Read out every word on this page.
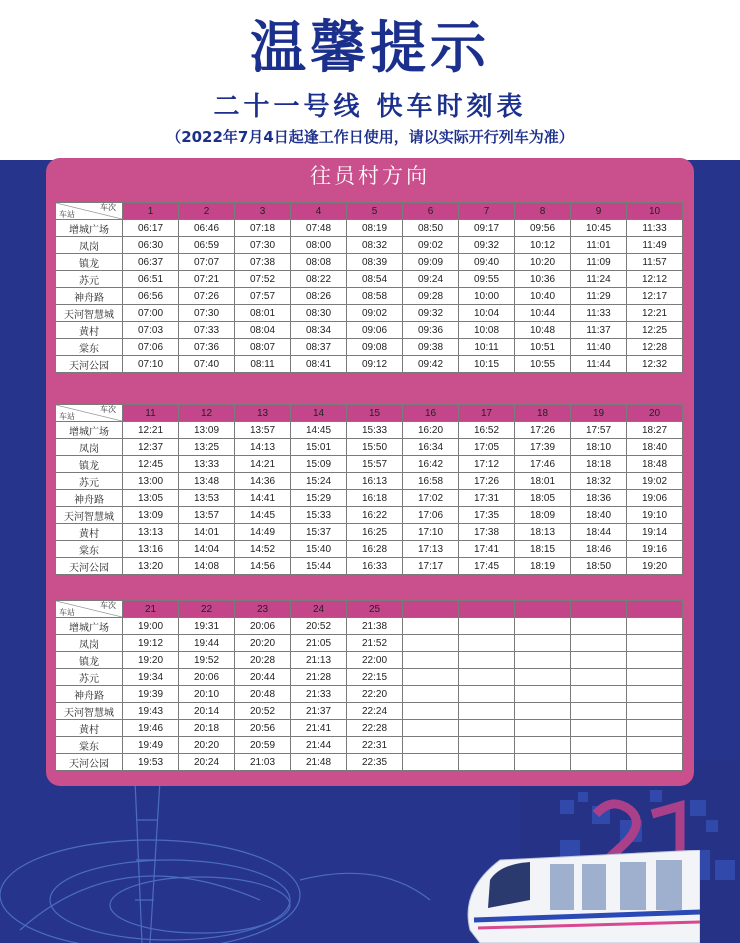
温馨提示
二十一号线 快车时刻表
（2022年7月4日起逢工作日使用，请以实际开行列车为准）
往员村方向
车次
车站	1	2	3	4	5	6	7	8	9	10
增城广场	06:17	06:46	07:18	07:48	08:19	08:50	09:17	09:56	10:45	11:33
凤岗	06:30	06:59	07:30	08:00	08:32	09:02	09:32	10:12	11:01	11:49
镇龙	06:37	07:07	07:38	08:08	08:39	09:09	09:40	10:20	11:09	11:57
苏元	06:51	07:21	07:52	08:22	08:54	09:24	09:55	10:36	11:24	12:12
神舟路	06:56	07:26	07:57	08:26	08:58	09:28	10:00	10:40	11:29	12:17
天河智慧城	07:00	07:30	08:01	08:30	09:02	09:32	10:04	10:44	11:33	12:21
黄村	07:03	07:33	08:04	08:34	09:06	09:36	10:08	10:48	11:37	12:25
棠东	07:06	07:36	08:07	08:37	09:08	09:38	10:11	10:51	11:40	12:28
天河公园	07:10	07:40	08:11	08:41	09:12	09:42	10:15	10:55	11:44	12:32
车次
车站	11	12	13	14	15	16	17	18	19	20
增城广场	12:21	13:09	13:57	14:45	15:33	16:20	16:52	17:26	17:57	18:27
凤岗	12:37	13:25	14:13	15:01	15:50	16:34	17:05	17:39	18:10	18:40
镇龙	12:45	13:33	14:21	15:09	15:57	16:42	17:12	17:46	18:18	18:48
苏元	13:00	13:48	14:36	15:24	16:13	16:58	17:26	18:01	18:32	19:02
神舟路	13:05	13:53	14:41	15:29	16:18	17:02	17:31	18:05	18:36	19:06
天河智慧城	13:09	13:57	14:45	15:33	16:22	17:06	17:35	18:09	18:40	19:10
黄村	13:13	14:01	14:49	15:37	16:25	17:10	17:38	18:13	18:44	19:14
棠东	13:16	14:04	14:52	15:40	16:28	17:13	17:41	18:15	18:46	19:16
天河公园	13:20	14:08	14:56	15:44	16:33	17:17	17:45	18:19	18:50	19:20
车次
车站	21	22	23	24	25					
增城广场	19:00	19:31	20:06	20:52	21:38					
凤岗	19:12	19:44	20:20	21:05	21:52					
镇龙	19:20	19:52	20:28	21:13	22:00					
苏元	19:34	20:06	20:44	21:28	22:15					
神舟路	19:39	20:10	20:48	21:33	22:20					
天河智慧城	19:43	20:14	20:52	21:37	22:24					
黄村	19:46	20:18	20:56	21:41	22:28					
棠东	19:49	20:20	20:59	21:44	22:31					
天河公园	19:53	20:24	21:03	21:48	22:35					
